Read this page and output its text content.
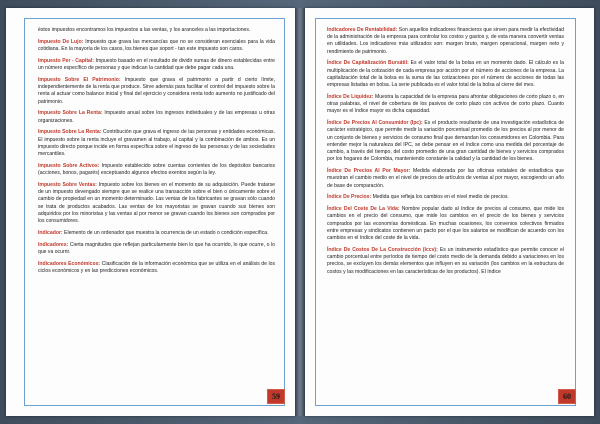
éstos impuestos encontramos los impuestos a las ventas, y los aranceles a las importaciones.

Impuesto De Lujo: Impuesto que grava las mercancías que no se consideran esenciales para la vida cotidiana. En la mayoría de los casos, los bienes que soport - tan este impuesto son caros.

Impuesto Per - Capital: Impuesto basado en el resultado de dividir sumas de dinero establecidas entre un número específico de personas y que indican la cantidad que debe pagar cada una.

Impuesto Sobre El Patrimonio: Impuesto que grava el patrimonio a partir d cierto límite, independientemente de la renta que produce. Sirve además para facilitar el control del impuesto sobre la renta al actuar como balance inicial y final del ejercicio y considera renta todo aumento no justificado del patrimonio.

Impuesto Sobre La Renta: Impuesto anual sobre los ingresos individuales y de las empresas u otras organizaciones.

Impuesto Sobre La Renta: Contribución que grava el ingreso de las personas y entidades económicas. El impuesto sobre la renta incluye el gravamen al trabajo, al capital y la combinación de ambos. Es un impuesto directo porque incide en forma específica sobre el ingreso de las personas y de las sociedades mercantiles.

Impuesto Sobre Activos: Impuesto establecido sobre cuentas corrientes de los depósitos bancarios (acciones, bonos, pagarés) exceptuando algunos efectos exentos según la ley.

Impuesto Sobre Ventas: Impuesto sobre los bienes en el momento de su adquisición. Puede tratarse de un impuesto devengado siempre que se realice una transacción sobre el bien o únicamente sobre el cambio de propiedad en un momento determinado. Las ventas de los fabricantes se gravan sólo cuando se trata de productos acabados. Las ventas de los mayoristas se gravan cuando sus bienes son adquiridos por los minoristas y las ventas al por menor se gravan cuando los bienes son comprados por los consumidores.

Indicador: Elemento de un ordenador que muestra la ocurrencia de un estado o condición específica.

Indicadores: Cierta magnitudes que reflejan particularmente bien lo que ha ocurrido, lo que ocurre, o lo que va ocurrir.

Indicadores Económicos: Clasificación de la información económica que se utiliza en el análisis de los ciclos económicos y en las predicciones económicos.

59

Indicadores De Rentabilidad: Son aquellos indicadores financieros que sirven para medir la efectividad de la administración de la empresa para controlar los costos y gastos y, de esta manera convertir ventas en utilidades. Los indicadores más utilizados son: margen bruto, margen operacional, margen neto y rendimiento de patrimonio.

Índice De Capitalización Bursátil: Es el valor total de la bolsa en un momento dado. El cálculo es la multiplicación de la cotización de cada empresa por acción por el número de acciones de la empresa. La capitalización total de la bolsa es la suma de las cotizaciones por el número de acciones de todas las empresas listadas en bolsa. La serie publicada es el valor total de la bolsa al cierre del mes.

Índice De Liquidez: Muestra la capacidad de la empresa para afrontar obligaciones de corto plazo o, en otras palabras, el nivel de cobertura de los pasivos de corto plazo con activos de corto plazo. Cuanto mayor es el índice mayor es dicha capacidad.

Índice De Precios Al Consumidor (Ipc): Es el producto resultante de una investigación estadística de carácter estratégico, que permite medir la variación porcentual promedio de los precios al por menor de un conjunto de bienes y servicios de consumo final que demandan los consumidores en Colombia. Para entender mejor la naturaleza del IPC, se debe pensar en el índice como una medida del porcentaje de cambio, a través del tiempo, del costo promedio de una gran cantidad de bienes y servicios comprados por los hogares de Colombia, manteniendo constante la calidad y la cantidad de los bienes.

Índice De Precios Al Por Mayor: Medida elaborada por las oficinas estatales de estadística que muestran el cambio medio en el nivel de precios de artículos de ventas al por mayor, escogiendo un año de base de comparación.

Índice De Precios: Medida que refleja los cambios en el nivel medio de precios.

Índice Del Coste De La Vida: Nombre popular dado al índice de precios al consumo, que mide los cambios en el precio del consumo, que mide los cambios en el precio de los bienes y servicios comprados por las economías domésticas. En muchas ocasiones, los convenios colectivos firmados entre empresas y sindicatos contienen un pacto por el que los salarios se modifican de acuerdo con los cambios en el índice del coste de la vida.

Índice De Costos De La Construcción (Iccv): Es un instrumento estadístico que permite conocer el cambio porcentual entre períodos de tiempo del costo medio de la demanda debido a variaciones en los precios, se excluyen los demás elementos que influyen en su variación (los cambios en la estructura de costos y las modificaciones en las características de los productos). El índice

60
